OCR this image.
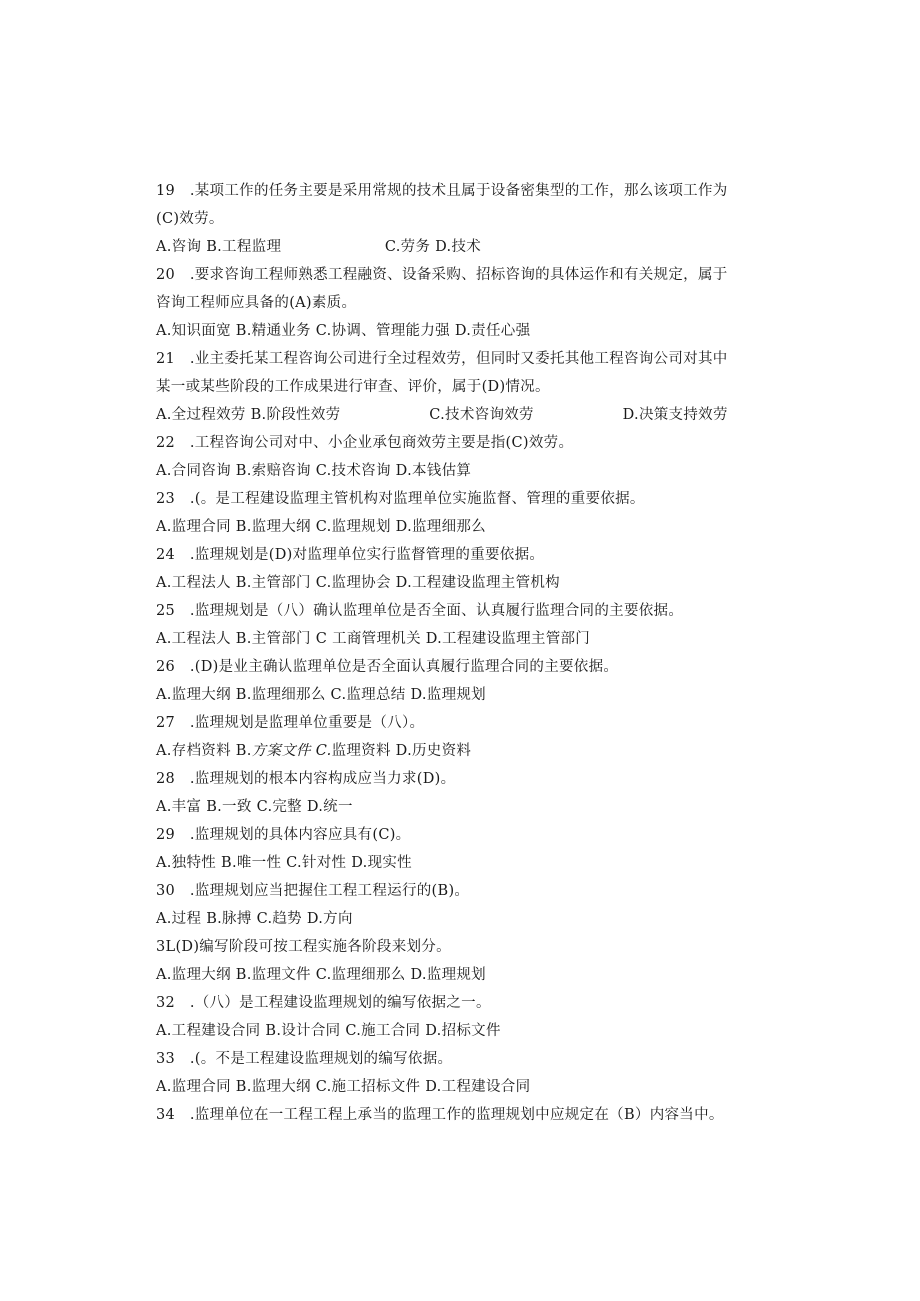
19　.某项工作的任务主要是采用常规的技术且属于设备密集型的工作，那么该项工作为
(C)效劳。
A.咨询 B.工程监理　　　　　　　C.劳务 D.技术
20　.要求咨询工程师熟悉工程融资、设备采购、招标咨询的具体运作和有关规定，属于
咨询工程师应具备的(A)素质。
A.知识面宽 B.精通业务 C.协调、管理能力强 D.责任心强
21　.业主委托某工程咨询公司进行全过程效劳，但同时又委托其他工程咨询公司对其中
某一或某些阶段的工作成果进行审查、评价，属于(D)情况。
A.全过程效劳 B.阶段性效劳　　　　　　C.技术咨询效劳　　　　　　D.决策支持效劳
22　.工程咨询公司对中、小企业承包商效劳主要是指(C)效劳。
A.合同咨询 B.索赔咨询 C.技术咨询 D.本钱估算
23　.(。是工程建设监理主管机构对监理单位实施监督、管理的重要依据。
A.监理合同 B.监理大纲 C.监理规划 D.监理细那么
24　.监理规划是(D)对监理单位实行监督管理的重要依据。
A.工程法人 B.主管部门 C.监理协会 D.工程建设监理主管机构
25　.监理规划是（八）确认监理单位是否全面、认真履行监理合同的主要依据。
A.工程法人 B.主管部门 C 工商管理机关 D.工程建设监理主管部门
26　.(D)是业主确认监理单位是否全面认真履行监理合同的主要依据。
A.监理大纲 B.监理细那么 C.监理总结 D.监理规划
27　.监理规划是监理单位重要是（八）。
A.存档资料 B.方案文件 C.监理资料 D.历史资料
28　.监理规划的根本内容构成应当力求(D)。
A.丰富 B.一致 C.完整 D.统一
29　.监理规划的具体内容应具有(C)。
A.独特性 B.唯一性 C.针对性 D.现实性
30　.监理规划应当把握住工程工程运行的(B)。
A.过程 B.脉搏 C.趋势 D.方向
3L(D)编写阶段可按工程实施各阶段来划分。
A.监理大纲 B.监理文件 C.监理细那么 D.监理规划
32　.（八）是工程建设监理规划的编写依据之一。
A.工程建设合同 B.设计合同 C.施工合同 D.招标文件
33　.(。不是工程建设监理规划的编写依据。
A.监理合同 B.监理大纲 C.施工招标文件 D.工程建设合同
34　.监理单位在一工程工程上承当的监理工作的监理规划中应规定在（B）内容当中。
